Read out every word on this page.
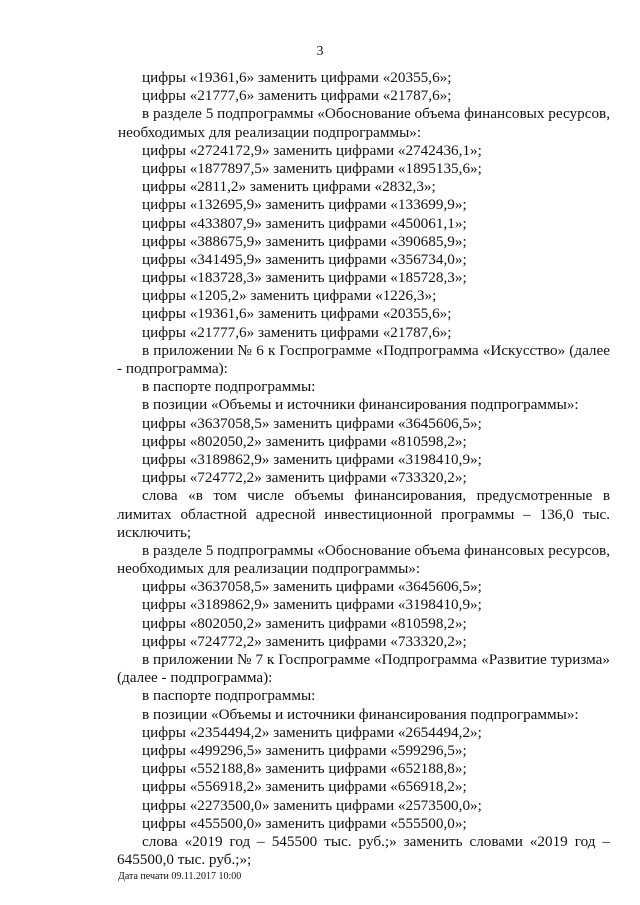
3
цифры «19361,6» заменить цифрами «20355,6»;
цифры «21777,6» заменить цифрами «21787,6»;
в разделе 5 подпрограммы «Обоснование объема финансовых ресурсов,
необходимых для реализации подпрограммы»:
цифры «2724172,9» заменить цифрами «2742436,1»;
цифры «1877897,5» заменить цифрами «1895135,6»;
цифры «2811,2» заменить цифрами «2832,3»;
цифры «132695,9» заменить цифрами «133699,9»;
цифры «433807,9» заменить цифрами «450061,1»;
цифры «388675,9» заменить цифрами «390685,9»;
цифры «341495,9» заменить цифрами «356734,0»;
цифры «183728,3» заменить цифрами «185728,3»;
цифры «1205,2» заменить цифрами «1226,3»;
цифры «19361,6» заменить цифрами «20355,6»;
цифры «21777,6» заменить цифрами «21787,6»;
в приложении № 6 к Госпрограмме «Подпрограмма «Искусство» (далее
- подпрограмма):
в паспорте подпрограммы:
в позиции «Объемы и источники финансирования подпрограммы»:
цифры «3637058,5» заменить цифрами «3645606,5»;
цифры «802050,2» заменить цифрами «810598,2»;
цифры «3189862,9» заменить цифрами «3198410,9»;
цифры «724772,2» заменить цифрами «733320,2»;
слова «в том числе объемы финансирования, предусмотренные в
лимитах областной адресной инвестиционной программы – 136,0 тыс.
исключить;
в разделе 5 подпрограммы «Обоснование объема финансовых ресурсов,
необходимых для реализации подпрограммы»:
цифры «3637058,5» заменить цифрами «3645606,5»;
цифры «3189862,9» заменить цифрами «3198410,9»;
цифры «802050,2» заменить цифрами «810598,2»;
цифры «724772,2» заменить цифрами «733320,2»;
в приложении № 7 к Госпрограмме «Подпрограмма «Развитие туризма»
(далее - подпрограмма):
в паспорте подпрограммы:
в позиции «Объемы и источники финансирования подпрограммы»:
цифры «2354494,2» заменить цифрами «2654494,2»;
цифры «499296,5» заменить цифрами «599296,5»;
цифры «552188,8» заменить цифрами «652188,8»;
цифры «556918,2» заменить цифрами «656918,2»;
цифры «2273500,0» заменить цифрами «2573500,0»;
цифры «455500,0» заменить цифрами «555500,0»;
слова «2019 год – 545500 тыс. руб.;» заменить словами «2019 год –
645500,0 тыс. руб.;»;
Дата печати 09.11.2017 10:00
